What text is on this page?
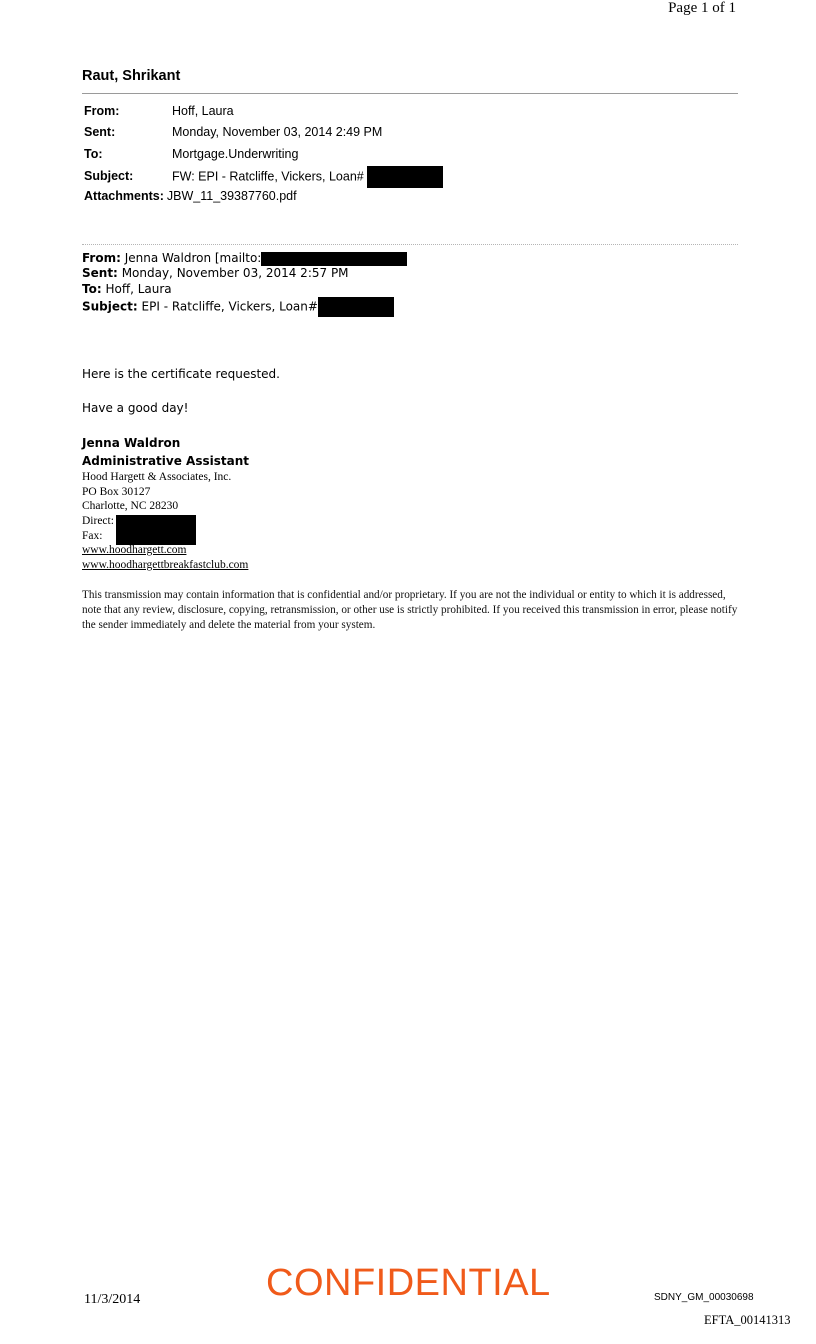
Page 1 of 1
Raut, Shrikant
From:	Hoff, Laura
Sent:	Monday, November 03, 2014 2:49 PM
To:	Mortgage.Underwriting
Subject:	FW: EPI - Ratcliffe, Vickers, Loan#
Attachments: JBW_11_39387760.pdf
From: Jenna Waldron [mailto:
Sent: Monday, November 03, 2014 2:57 PM
To: Hoff, Laura
Subject: EPI - Ratcliffe, Vickers, Loan#
Here is the certificate requested.
Have a good day!
Jenna Waldron
Administrative Assistant
Hood Hargett & Associates, Inc.
PO Box 30127
Charlotte, NC 28230
Direct:
Fax:
www.hoodhargett.com
www.hoodhargettbreakfastclub.com
This transmission may contain information that is confidential and/or proprietary. If you are not the individual or entity to which it is addressed, note that any review, disclosure, copying, retransmission, or other use is strictly prohibited. If you received this transmission in error, please notify the sender immediately and delete the material from your system.
11/3/2014	CONFIDENTIAL	SDNY_GM_00030698
EFTA_00141313
